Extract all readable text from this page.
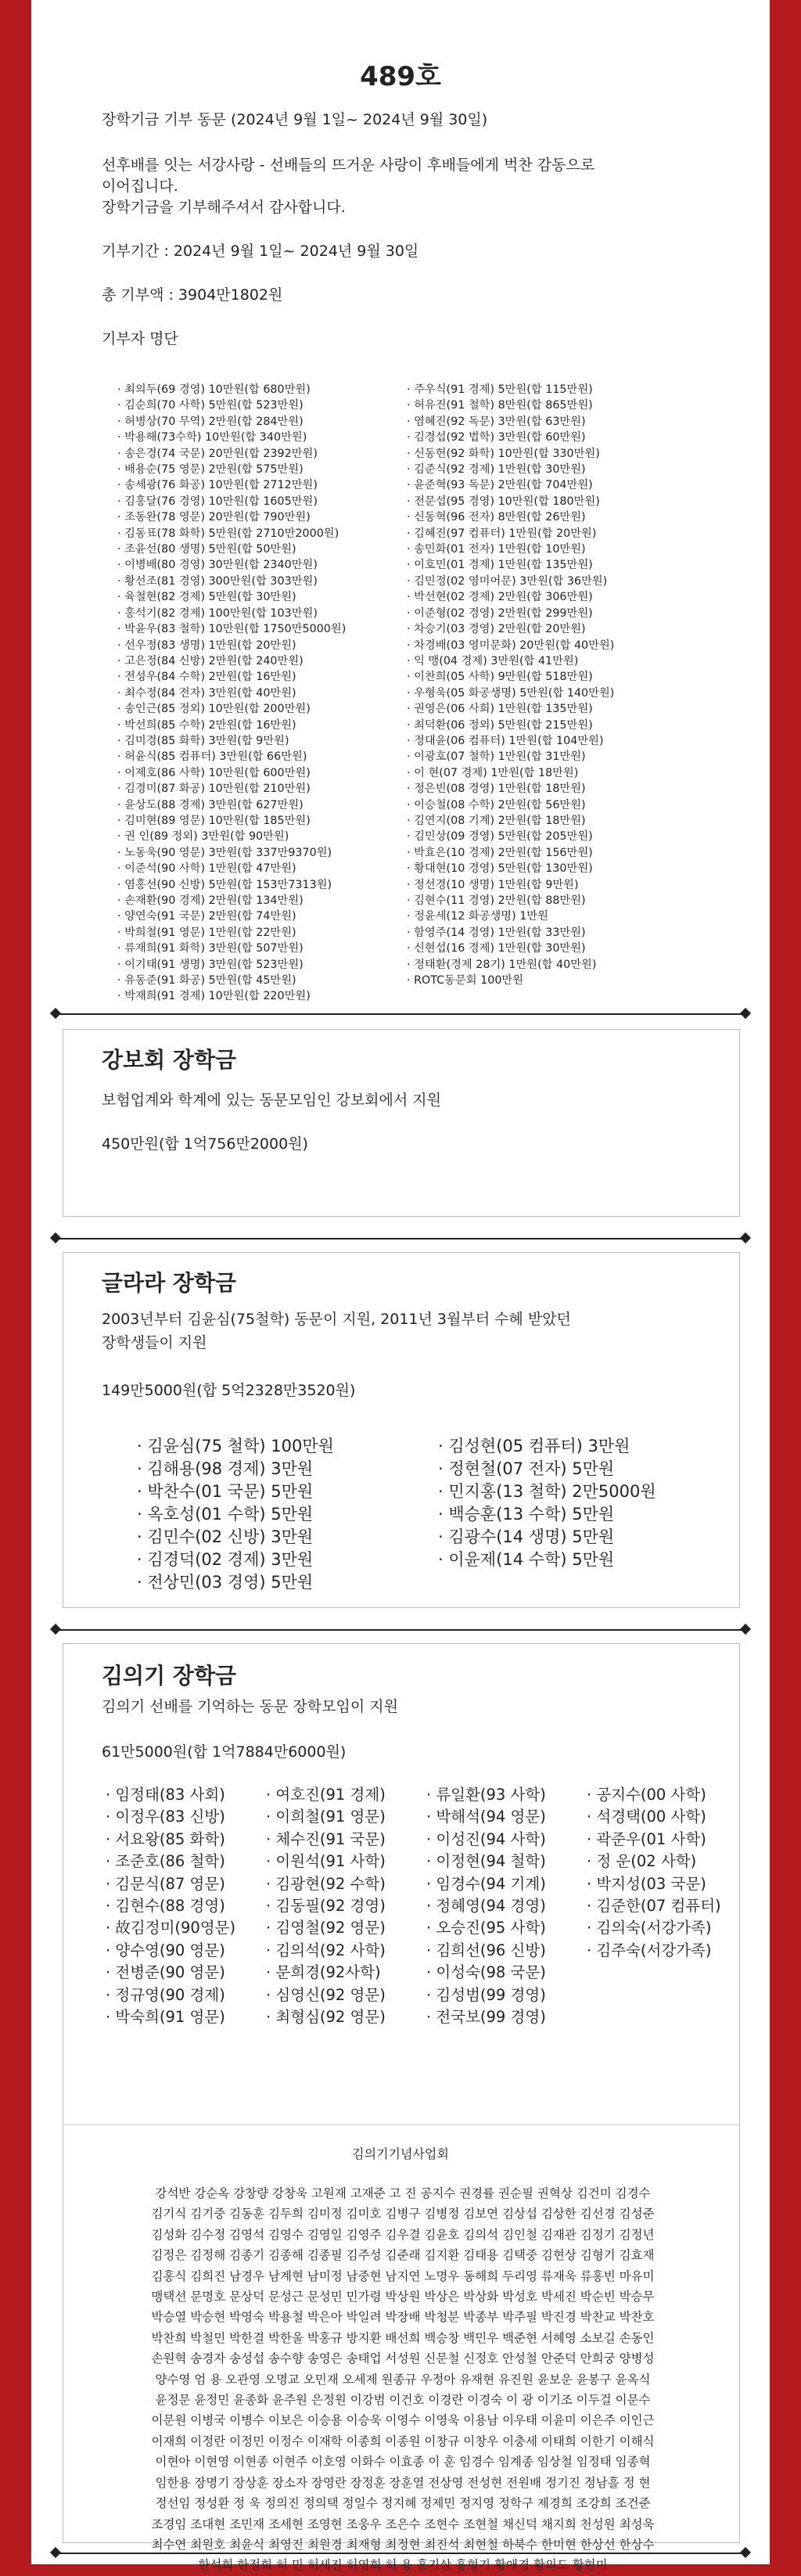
489호
장학기금 기부 동문 (2024년 9월 1일~ 2024년 9월 30일)
선후배를 잇는 서강사랑 - 선배들의 뜨거운 사랑이 후배들에게 벅찬 감동으로
이어집니다.
장학기금을 기부해주셔서 감사합니다.
기부기간 : 2024년 9월 1일~ 2024년 9월 30일
총 기부액 : 3904만1802원
기부자 명단
· 최의두(69 경영) 10만원(합 680만원)
· 김순희(70 사학) 5만원(합 523만원)
· 허병상(70 무역) 2만원(합 284만원)
· 박용해(73수학) 10만원(합 340만원)
· 송은경(74 국문) 20만원(합 2392만원)
· 배용순(75 영문) 2만원(합 575만원)
· 송세광(76 화공) 10만원(합 2712만원)
· 김홍달(76 경영) 10만원(합 1605만원)
· 조동완(78 영문) 20만원(합 790만원)
· 김동표(78 화학) 5만원(합 2710만2000원)
· 조윤선(80 생명) 5만원(합 50만원)
· 이병배(80 경영) 30만원(합 2340만원)
· 황선조(81 경영) 300만원(합 303만원)
· 육철현(82 경제) 5만원(합 30만원)
· 홍석기(82 경제) 100만원(합 103만원)
· 박윤우(83 철학) 10만원(합 1750만5000원)
· 선우정(83 생명) 1만원(합 20만원)
· 고은정(84 신방) 2만원(합 240만원)
· 전성우(84 수학) 2만원(합 16만원)
· 최수정(84 전자) 3만원(합 40만원)
· 송인근(85 정외) 10만원(합 200만원)
· 박선희(85 수학) 2만원(합 16만원)
· 김미경(85 화학) 3만원(합 9만원)
· 허윤식(85 컴퓨터) 3만원(합 66만원)
· 이제호(86 사학) 10만원(합 600만원)
· 김경미(87 화공) 10만원(합 210만원)
· 윤상도(88 경제) 3만원(합 627만원)
· 김미현(89 영문) 10만원(합 185만원)
· 권 인(89 정외) 3만원(합 90만원)
· 노동욱(90 영문) 3만원(합 337만9370원)
· 이준석(90 사학) 1만원(합 47만원)
· 염홍선(90 신방) 5만원(합 153만7313원)
· 손재환(90 경제) 2만원(합 134만원)
· 양연숙(91 국문) 2만원(합 74만원)
· 박희철(91 영문) 1만원(합 22만원)
· 류재희(91 화학) 3만원(합 507만원)
· 이기태(91 생명) 3만원(합 523만원)
· 유동준(91 화공) 5만원(합 45만원)
· 박재희(91 경제) 10만원(합 220만원)
· 주우식(91 경제) 5만원(합 115만원)
· 허유진(91 철학) 8만원(합 865만원)
· 염혜진(92 독문) 3만원(합 63만원)
· 김경섭(92 법학) 3만원(합 60만원)
· 신동헌(92 화학) 10만원(합 330만원)
· 김준식(92 경제) 1만원(합 30만원)
· 윤준혁(93 독문) 2만원(합 704만원)
· 전문섭(95 경영) 10만원(합 180만원)
· 신동혁(96 전자) 8만원(합 26만원)
· 김혜진(97 컴퓨터) 1만원(합 20만원)
· 송민화(01 전자) 1만원(합 10만원)
· 이호민(01 경제) 1만원(합 135만원)
· 김민정(02 영미어문) 3만원(합 36만원)
· 박선현(02 경제) 2만원(합 306만원)
· 이준형(02 경영) 2만원(합 299만원)
· 차승기(03 경영) 2만원(합 20만원)
· 차경배(03 영미문화) 20만원(합 40만원)
· 익 맹(04 경제) 3만원(합 41만원)
· 이찬희(05 사학) 9만원(합 518만원)
· 우형욱(05 화공생명) 5만원(합 140만원)
· 권영은(06 사회) 1만원(합 135만원)
· 최덕환(06 정외) 5만원(합 215만원)
· 정대윤(06 컴퓨터) 1만원(합 104만원)
· 이광호(07 철학) 1만원(합 31만원)
· 이 현(07 경제) 1만원(합 18만원)
· 정은빈(08 경영) 1만원(합 18만원)
· 이승철(08 수학) 2만원(합 56만원)
· 김연지(08 기계) 2만원(합 18만원)
· 김민상(09 경영) 5만원(합 205만원)
· 박효은(10 경제) 2만원(합 156만원)
· 황대현(10 경영) 5만원(합 130만원)
· 정선경(10 생명) 1만원(합 9만원)
· 김현수(11 경영) 2만원(합 88만원)
· 정윤세(12 화공생명) 1만원
· 함영주(14 경영) 1만원(합 33만원)
· 신현섭(16 경제) 1만원(합 30만원)
· 정태환(경제 28기) 1만원(합 40만원)
· ROTC동문회 100만원
강보회 장학금
보험업계와 학계에 있는 동문모임인 강보회에서 지원
450만원(합 1억756만2000원)
글라라 장학금
2003년부터 김윤심(75철학) 동문이 지원, 2011년 3월부터 수혜 받았던
장학생들이 지원
149만5000원(합 5억2328만3520원)
· 김윤심(75 철학) 100만원
· 김해용(98 경제) 3만원
· 박찬수(01 국문) 5만원
· 옥호성(01 수학) 5만원
· 김민수(02 신방) 3만원
· 김경덕(02 경제) 3만원
· 전상민(03 경영) 5만원
· 김성현(05 컴퓨터) 3만원
· 정현철(07 전자) 5만원
· 민지홍(13 철학) 2만5000원
· 백승훈(13 수학) 5만원
· 김광수(14 생명) 5만원
· 이윤제(14 수학) 5만원
김의기 장학금
김의기 선배를 기억하는 동문 장학모임이 지원
61만5000원(합 1억7884만6000원)
· 임정태(83 사회)
· 이정우(83 신방)
· 서요왕(85 화학)
· 조준호(86 철학)
· 김문식(87 영문)
· 김현수(88 경영)
· 故김정미(90영문)
· 양수영(90 영문)
· 전병준(90 영문)
· 정규영(90 경제)
· 박숙희(91 영문)
· 여호진(91 경제)
· 이희철(91 영문)
· 체수진(91 국문)
· 이원석(91 사학)
· 김광현(92 수학)
· 김동필(92 경영)
· 김영철(92 영문)
· 김의석(92 사학)
· 문희경(92사학)
· 심영신(92 영문)
· 최형심(92 영문)
· 류일환(93 사학)
· 박해석(94 영문)
· 이성진(94 사학)
· 이정현(94 철학)
· 임경수(94 기계)
· 정혜영(94 경영)
· 오승진(95 사학)
· 김희선(96 신방)
· 이성숙(98 국문)
· 김성범(99 경영)
· 전국보(99 경영)
· 공지수(00 사학)
· 석경택(00 사학)
· 곽준우(01 사학)
· 정 운(02 사학)
· 박지성(03 국문)
· 김준한(07 컴퓨터)
· 김의숙(서강가족)
· 김주숙(서강가족)
김의기기념사업회
강석반 강순옥 강창량 강창욱 고원재 고재준 고 진 공지수 권경률 권순필 권혁상 김건미 김경수
김기식 김기중 김동훈 김두희 김미정 김미호 김병구 김병정 김보연 김상섭 김상한 김선경 김성준
김성화 김수정 김영석 김영수 김영일 김영주 김우결 김윤호 김의석 김인철 김재관 김정기 김정년
김정은 김정해 김종기 김종해 김종필 김주성 김준래 김지환 김태용 김택중 김현상 김형기 김효재
김홍식 김희진 남경우 남계현 남미정 남중현 남지연 노명우 동해희 두리영 류재욱 류홍빈 마유미
맹택선 문명호 문상덕 문성근 문성민 민가령 박상원 박상은 박상화 박성호 박세진 박순빈 박승무
박승열 박승현 박영숙 박용철 박은아 박일려 박장배 박청분 박종부 박주필 박진경 박찬교 박찬호
박찬희 박철민 박한결 박한울 박홍규 방지환 배선희 백승창 백민우 백준현 서혜영 소보길 손동인
손원혁 송경자 송성섭 송수향 송영은 송태업 서성원 신문철 신정호 안성철 안준덕 안희궁 양병성
양수영 엄 용 오관영 오명교 오민재 오세제 원종규 우정아 유재현 유진원 윤보운 윤봉구 윤옥식
윤정문 윤정민 윤종화 윤주원 은정원 이강범 이건호 이경란 이경숙 이 광 이기조 이두걸 이문수
이문원 이병국 이병수 이보은 이승용 이승욱 이영수 이영욱 이용남 이우태 이윤미 이은주 이인근
이재희 이정란 이정민 이정수 이재학 이종희 이종원 이창규 이창우 이충세 이태희 이한기 이해식
이현아 이현영 이현종 이현주 이호영 이화수 이효종 이 훈 임경수 임계종 임상철 임정태 임종혁
임한용 장명기 장상훈 장소자 장영란 장정훈 장훈열 전상영 전성현 전원배 정기진 정남흘 정 현
정선임 정성환 정 욱 정의진 정의택 정일수 정지혜 정제민 정지영 정학구 제경희 조강희 조건준
조경임 조대현 조민재 조세현 조영현 조웅우 조은수 조현수 조현철 채신덕 채지희 천성원 최성욱
최수연 최원호 최윤식 최영진 최원경 최재형 최정현 최진석 최현철 하북수 한미현 한상선 한상수
한석희 한정희 허 민 허세진 허영희 허 용 홍기삼 홍형기 황애경 황의도 황현미
